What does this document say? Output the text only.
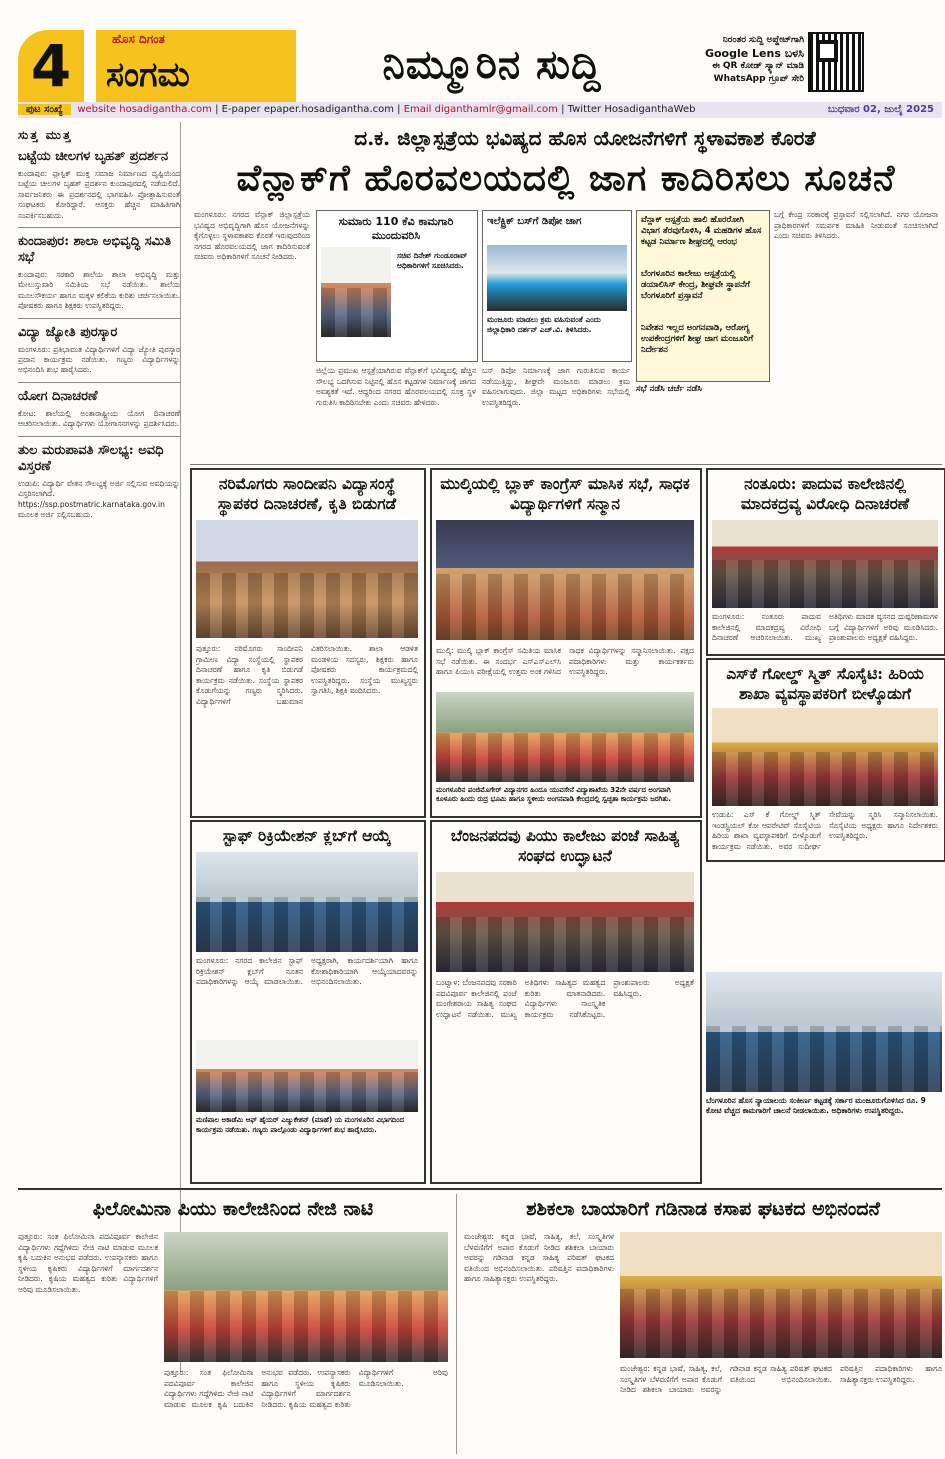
4	ಹೊಸ ದಿಗಂತ
ಸಂಗಮ	ನಿಮ್ಮೂರಿನ ಸುದ್ದಿ
ನಿರಂತರ ಸುದ್ದಿ ಅಪ್ಡೇಟ್‌ಗಾಗಿ
Google Lens ಬಳಸಿ
ಈ QR ಕೋಡ್ ಸ್ಕ್ಯಾನ್ ಮಾಡಿ
WhatsApp ಗ್ರೂಪ್ ಸೇರಿ
ಪುಟ ಸಂಖ್ಯೆ website hosadigantha.com | E-paper epaper.hosadigantha.com | Email diganthamlr@gmail.com | Twitter HosadiganthaWeb	ಬುಧವಾರ 02, ಜುಲೈ 2025
ಸುತ್ತ ಮುತ್ತ
ಬಟ್ಟೆಯ ಚೀಲಗಳ ಬೃಹತ್ ಪ್ರದರ್ಶನ

ಕುಂದಾಪುರ: ಪ್ಲಾಸ್ಟಿಕ್ ಮುಕ್ತ ಸಮಾಜ ನಿರ್ಮಾಣದ ದೃಷ್ಟಿಯಿಂದ ಬಟ್ಟೆಯ ಚೀಲಗಳ ಬೃಹತ್ ಪ್ರದರ್ಶನ ಕುಂದಾಪುರದಲ್ಲಿ ನಡೆಯಲಿದೆ. ಸಾರ್ವಜನಿಕರು ಈ ಪ್ರದರ್ಶನದಲ್ಲಿ ಭಾಗವಹಿಸಿ ಪ್ರೋತ್ಸಾಹಿಸುವಂತೆ ಸಂಘಟಕರು ಕೋರಿದ್ದಾರೆ. ಆಸಕ್ತರು ಹೆಚ್ಚಿನ ಮಾಹಿತಿಗಾಗಿ ಸಂಪರ್ಕಿಸಬಹುದು.

ಕುಂದಾಪುರ: ಶಾಲಾ ಅಭಿವೃದ್ಧಿ ಸಮಿತಿ ಸಭೆ

ಕುಂದಾಪುರ: ಸರಕಾರಿ ಶಾಲೆಯ ಶಾಲಾ ಅಭಿವೃದ್ಧಿ ಮತ್ತು ಮೇಲುಸ್ತುವಾರಿ ಸಮಿತಿಯ ಸಭೆ ನಡೆಯಿತು. ಶಾಲೆಯ ಮೂಲಸೌಕರ್ಯ ಹಾಗೂ ಮಕ್ಕಳ ಕಲಿಕೆಯ ಕುರಿತು ಚರ್ಚಿಸಲಾಯಿತು. ಪೋಷಕರು ಹಾಗೂ ಶಿಕ್ಷಕರು ಉಪಸ್ಥಿತರಿದ್ದರು.

ವಿದ್ಯಾ ಜ್ಯೋತಿ ಪುರಸ್ಕಾರ

ಮಂಗಳೂರು: ಪ್ರತಿಭಾವಂತ ವಿದ್ಯಾರ್ಥಿಗಳಿಗೆ ವಿದ್ಯಾ ಜ್ಯೋತಿ ಪುರಸ್ಕಾರ ಪ್ರದಾನ ಕಾರ್ಯಕ್ರಮ ನಡೆಯಿತು. ಗಣ್ಯರು ವಿದ್ಯಾರ್ಥಿಗಳನ್ನು ಅಭಿನಂದಿಸಿ ಶುಭ ಹಾರೈಸಿದರು.

ಯೋಗ ದಿನಾಚರಣೆ

ಕೋಟ: ಶಾಲೆಯಲ್ಲಿ ಅಂತಾರಾಷ್ಟ್ರೀಯ ಯೋಗ ದಿನಾಚರಣೆ ಆಚರಿಸಲಾಯಿತು. ವಿದ್ಯಾರ್ಥಿಗಳು ಯೋಗಾಸನಗಳನ್ನು ಪ್ರದರ್ಶಿಸಿದರು.

ತುಲ ಮರುಪಾವತಿ ಸೌಲಭ್ಯ: ಅವಧಿ ವಿಸ್ತರಣೆ

ಉಡುಪಿ: ವಿದ್ಯಾರ್ಥಿ ವೇತನ ಸೌಲಭ್ಯಕ್ಕೆ ಅರ್ಜಿ ಸಲ್ಲಿಸುವ ಅವಧಿಯನ್ನು ವಿಸ್ತರಿಸಲಾಗಿದೆ. https://ssp.postmatric.karnataka.gov.in ಮೂಲಕ ಅರ್ಜಿ ಸಲ್ಲಿಸಬಹುದು.

ದ.ಕ. ಜಿಲ್ಲಾಸ್ಪತ್ರೆಯ ಭವಿಷ್ಯದ ಹೊಸ ಯೋಜನೆಗಳಿಗೆ ಸ್ಥಳಾವಕಾಶ ಕೊರತೆ
ವೆನ್ಲಾಕ್‌ಗೆ ಹೊರವಲಯದಲ್ಲಿ ಜಾಗ ಕಾದಿರಿಸಲು ಸೂಚನೆ
ಮಂಗಳೂರು: ನಗರದ ವೆನ್ಲಾಕ್ ಜಿಲ್ಲಾಸ್ಪತ್ರೆಯ ಭವಿಷ್ಯದ ಅಭಿವೃದ್ಧಿಗಾಗಿ ಹೊಸ ಯೋಜನೆಗಳನ್ನು ಕೈಗೊಳ್ಳಲು ಸ್ಥಳಾವಕಾಶದ ಕೊರತೆ ಇರುವುದರಿಂದ ನಗರದ ಹೊರವಲಯದಲ್ಲಿ ಜಾಗ ಕಾದಿರಿಸುವಂತೆ ಸಚಿವರು ಅಧಿಕಾರಿಗಳಿಗೆ ಸೂಚನೆ ನೀಡಿದರು.
ಸುಮಾರು 110 ಕೆವಿ ಕಾಮಗಾರಿ ಮುಂದುವರಿಸಿ
ಸಚಿವ ದಿನೇಶ್ ಗುಂಡೂರಾವ್ ಅಧಿಕಾರಿಗಳಿಗೆ ಸೂಚಿಸಿದರು.
ಜಿಲ್ಲೆಯ ಪ್ರಮುಖ ಆಸ್ಪತ್ರೆಯಾಗಿರುವ ವೆನ್ಲಾಕ್‌ಗೆ ಭವಿಷ್ಯದಲ್ಲಿ ಹೆಚ್ಚಿನ ಸೌಲಭ್ಯ ಒದಗಿಸುವ ನಿಟ್ಟಿನಲ್ಲಿ ಹೊಸ ಕಟ್ಟಡಗಳ ನಿರ್ಮಾಣಕ್ಕೆ ಜಾಗದ ಅವಶ್ಯಕತೆ ಇದೆ. ಆದ್ದರಿಂದ ನಗರದ ಹೊರವಲಯದಲ್ಲಿ ಸೂಕ್ತ ಸ್ಥಳ ಗುರುತಿಸಿ ಕಾದಿರಿಸಬೇಕು ಎಂದು ಸಚಿವರು ಹೇಳಿದರು.
ಇಲೆಕ್ಟ್ರಿಕ್ ಬಸ್‌ಗೆ ಡಿಪೋ ಜಾಗ
ಮಂಜೂರು ಮಾಡಲು ಕ್ರಮ ವಹಿಸುವಂತೆ ಎಂದು ಜಿಲ್ಲಾಧಿಕಾರಿ ದರ್ಶನ್ ಎಚ್.ವಿ. ತಿಳಿಸಿದರು.
ಬಸ್ ಡಿಪೋ ನಿರ್ಮಾಣಕ್ಕೆ ಜಾಗ ಗುರುತಿಸುವ ಕಾರ್ಯ ನಡೆಯುತ್ತಿದ್ದು, ಶೀಘ್ರವೇ ಮಂಜೂರು ಮಾಡಲು ಕ್ರಮ ವಹಿಸಲಾಗುವುದು. ಜಿಲ್ಲಾ ಮಟ್ಟದ ಅಧಿಕಾರಿಗಳು ಸಭೆಯಲ್ಲಿ ಉಪಸ್ಥಿತರಿದ್ದರು.
ವೆನ್ಲಾಕ್ ಆಸ್ಪತ್ರೆಯ ಹಾಲಿ ಹೊರರೋಗಿ ವಿಭಾಗ ತೆರವುಗೊಳಿಸಿ, 4 ಮಹಡಿಗಳ ಹೊಸ ಕಟ್ಟಡ ನಿರ್ಮಾಣ ಶೀಘ್ರದಲ್ಲಿ ಆರಂಭ
ಬೆಂಗಳೂರಿನ ಕಾಲೇಜು ಆಸ್ಪತ್ರೆಯಲ್ಲಿ ಡಯಾಲಿಸಿಸ್ ಕೇಂದ್ರ, ಶೀಘ್ರವೇ ಸ್ಥಾಪನೆಗೆ ಬೆಂಗಳೂರಿಗೆ ಪ್ರಸ್ತಾವನೆ
ನಿವೇಶನ ಇಲ್ಲದ ಅಂಗನವಾಡಿ, ಆರೋಗ್ಯ ಉಪಕೇಂದ್ರಗಳಿಗೆ ಶೀಘ್ರ ಜಾಗ ಮಂಜೂರಿಗೆ ನಿರ್ದೇಶನ
ಸಭೆ ನಡೆಸಿ ಚರ್ಚೆ ನಡೆಸಿ
ಬಗ್ಗೆ ಕೇಂದ್ರ ಸರಕಾರಕ್ಕೆ ಪ್ರಸ್ತಾವನೆ ಸಲ್ಲಿಸಲಾಗಿದೆ. ನಗರ ಯೋಜನಾ ಪ್ರಾಧಿಕಾರಗಳಿಗೆ ಸಮರ್ಪಕ ಮಾಹಿತಿ ನೀಡುವಂತೆ ಸೂಚಿಸಲಾಗಿದೆ ಎಂದು ಸಚಿವರು ತಿಳಿಸಿದರು.
ನರಿಮೊಗರು ಸಾಂದೀಪನಿ ವಿದ್ಯಾಸಂಸ್ಥೆ ಸ್ಥಾಪಕರ ದಿನಾಚರಣೆ, ಕೃತಿ ಬಿಡುಗಡೆ
ಪುತ್ತೂರು: ನರಿಮೊಗರು ಸಾಂದೀಪನಿ ಗ್ರಾಮೀಣ ವಿದ್ಯಾ ಸಂಸ್ಥೆಯಲ್ಲಿ ಸ್ಥಾಪಕರ ದಿನಾಚರಣೆ ಹಾಗೂ ಕೃತಿ ಬಿಡುಗಡೆ ಕಾರ್ಯಕ್ರಮ ನಡೆಯಿತು. ಸಂಸ್ಥೆಯ ಸ್ಥಾಪಕರ ಕೊಡುಗೆಯನ್ನು ಗಣ್ಯರು ಸ್ಮರಿಸಿದರು. ವಿದ್ಯಾರ್ಥಿಗಳಿಗೆ ಬಹುಮಾನ ವಿತರಿಸಲಾಯಿತು. ಶಾಲಾ ಆಡಳಿತ ಮಂಡಳಿಯ ಸದಸ್ಯರು, ಶಿಕ್ಷಕರು ಹಾಗೂ ಪೋಷಕರು ಕಾರ್ಯಕ್ರಮದಲ್ಲಿ ಉಪಸ್ಥಿತರಿದ್ದರು. ಸಂಸ್ಥೆಯ ಮುಖ್ಯಸ್ಥರು ಸ್ವಾಗತಿಸಿ, ಶಿಕ್ಷಕಿ ವಂದಿಸಿದರು.
ಮುಲ್ಕಿಯಲ್ಲಿ ಬ್ಲಾಕ್ ಕಾಂಗ್ರೆಸ್ ಮಾಸಿಕ ಸಭೆ, ಸಾಧಕ ವಿದ್ಯಾರ್ಥಿಗಳಿಗೆ ಸನ್ಮಾನ
ಮುಲ್ಕಿ: ಮುಲ್ಕಿ ಬ್ಲಾಕ್ ಕಾಂಗ್ರೆಸ್ ಸಮಿತಿಯ ಮಾಸಿಕ ಸಭೆ ನಡೆಯಿತು. ಈ ಸಂದರ್ಭ ಎಸ್ಎಸ್ಎಲ್‌ಸಿ ಹಾಗೂ ಪಿಯುಸಿ ಪರೀಕ್ಷೆಯಲ್ಲಿ ಉತ್ತಮ ಅಂಕ ಗಳಿಸಿದ ಸಾಧಕ ವಿದ್ಯಾರ್ಥಿಗಳನ್ನು ಸನ್ಮಾನಿಸಲಾಯಿತು. ಪಕ್ಷದ ಪದಾಧಿಕಾರಿಗಳು ಮತ್ತು ಕಾರ್ಯಕರ್ತರು ಉಪಸ್ಥಿತರಿದ್ದರು.
ಮಂಗಳೂರಿನ ಪಂಜಿಮೊಗೇರ್ ವಿದ್ಯಾನಗರ ಹಿಂದೂ ಯುವಸೇನೆ ವಿದ್ಯಾಶಾಖೆಯ 32ನೇ ವರ್ಷದ ಅಂಗವಾಗಿ ಕೂಳೂರು ಹಿಂದು ರುದ್ರ ಭೂಮಿ ಹಾಗೂ ಸ್ಥಳೀಯ ಅಂಗನವಾಡಿ ಕೇಂದ್ರದಲ್ಲಿ ಸ್ವಚ್ಛತಾ ಕಾರ್ಯಕ್ರಮ ಜರಗಿತು.
ನಂತೂರು: ಪಾದುವ ಕಾಲೇಜಿನಲ್ಲಿ ಮಾದಕದ್ರವ್ಯ ವಿರೋಧಿ ದಿನಾಚರಣೆ
ಮಂಗಳೂರು: ನಂತೂರು ಪಾದುವ ಕಾಲೇಜಿನಲ್ಲಿ ಮಾದಕದ್ರವ್ಯ ವಿರೋಧಿ ದಿನಾಚರಣೆ ಆಚರಿಸಲಾಯಿತು. ಮುಖ್ಯ ಅತಿಥಿಗಳು ಮಾದಕ ವ್ಯಸನದ ದುಷ್ಪರಿಣಾಮಗಳ ಬಗ್ಗೆ ವಿದ್ಯಾರ್ಥಿಗಳಿಗೆ ಅರಿವು ಮೂಡಿಸಿದರು. ಪ್ರಾಂಶುಪಾಲರು ಅಧ್ಯಕ್ಷತೆ ವಹಿಸಿದ್ದರು.
ಎಸ್‌ಕೆ ಗೋಲ್ಡ್ ಸ್ಮಿತ್ ಸೊಸೈಟಿ: ಹಿರಿಯ ಶಾಖಾ ವ್ಯವಸ್ಥಾಪಕರಿಗೆ ಬೀಳ್ಕೊಡುಗೆ
ಉಡುಪಿ: ಎಸ್ ಕೆ ಗೋಲ್ಡ್ ಸ್ಮಿತ್ ಇಂಡಸ್ಟ್ರಿಯಲ್ ಕೋ ಆಪರೇಟಿವ್ ಸೊಸೈಟಿಯ ಹಿರಿಯ ಶಾಖಾ ವ್ಯವಸ್ಥಾಪಕರಿಗೆ ಬೀಳ್ಕೊಡುಗೆ ಕಾರ್ಯಕ್ರಮ ನಡೆಯಿತು. ಅವರ ಸುದೀರ್ಘ ಸೇವೆಯನ್ನು ಸ್ಮರಿಸಿ ಸನ್ಮಾನಿಸಲಾಯಿತು. ಸೊಸೈಟಿಯ ಅಧ್ಯಕ್ಷರು ಹಾಗೂ ನಿರ್ದೇಶಕರು ಉಪಸ್ಥಿತರಿದ್ದರು.
ಸ್ಟಾಫ್ ರಿಕ್ರಿಯೇಶನ್ ಕ್ಲಬ್‌ಗೆ ಆಯ್ಕೆ
ಮಂಗಳೂರು: ನಗರದ ಕಾಲೇಜಿನ ಸ್ಟಾಫ್ ರಿಕ್ರಿಯೇಶನ್ ಕ್ಲಬ್‌ಗೆ ನೂತನ ಪದಾಧಿಕಾರಿಗಳನ್ನು ಆಯ್ಕೆ ಮಾಡಲಾಯಿತು. ಅಧ್ಯಕ್ಷರಾಗಿ, ಕಾರ್ಯದರ್ಶಿಯಾಗಿ ಹಾಗೂ ಕೋಶಾಧಿಕಾರಿಯಾಗಿ ಆಯ್ಕೆಯಾದವರನ್ನು ಅಭಿನಂದಿಸಲಾಯಿತು.
ಮಣಿಪಾಲ ಅಕಾಡೆಮಿ ಆಫ್ ಹೈಯರ್ ಎಜ್ಯುಕೇಶನ್ (ಮಾಹೆ) ಯ ಮಂಗಳೂರಿನ ವಿಭಾಗದಿಂದ ಕಾರ್ಯಕ್ರಮ ನಡೆಯಿತು. ಗಣ್ಯರು ಪಾಲ್ಗೊಂಡು ವಿದ್ಯಾರ್ಥಿಗಳಿಗೆ ಶುಭ ಹಾರೈಸಿದರು.
ಬೆಂಜನಪದವು ಪಿಯು ಕಾಲೇಜು ಪಂಜೆ ಸಾಹಿತ್ಯ ಸಂಘದ ಉದ್ಘಾಟನೆ
ಬಂಟ್ವಾಳ: ಬೆಂಜನಪದವು ಸರಕಾರಿ ಪದವಿಪೂರ್ವ ಕಾಲೇಜಿನಲ್ಲಿ ಪಂಜೆ ಮಂಗೇಶರಾಯ ಸಾಹಿತ್ಯ ಸಂಘದ ಉದ್ಘಾಟನೆ ನಡೆಯಿತು. ಮುಖ್ಯ ಅತಿಥಿಗಳು ಸಾಹಿತ್ಯದ ಮಹತ್ವದ ಕುರಿತು ಮಾತನಾಡಿದರು. ವಿದ್ಯಾರ್ಥಿಗಳು ಸಾಂಸ್ಕೃತಿಕ ಕಾರ್ಯಕ್ರಮ ನಡೆಸಿಕೊಟ್ಟರು. ಪ್ರಾಂಶುಪಾಲರು ಅಧ್ಯಕ್ಷತೆ ವಹಿಸಿದ್ದರು.
ಬೆಂಗಳೂರಿನ ಹೊಸ ನ್ಯಾಯಾಲಯ ಸಂಕೀರ್ಣ ಕಟ್ಟಡಕ್ಕೆ ಸರ್ಕಾರ ಮಂಜೂರುಗೊಳಿಸಿದ ರೂ. 9 ಕೋಟಿ ವೆಚ್ಚದ ಕಾಮಗಾರಿಗೆ ಚಾಲನೆ ನೀಡಲಾಯಿತು. ಅಧಿಕಾರಿಗಳು ಉಪಸ್ಥಿತರಿದ್ದರು.
ಫಿಲೋಮಿನಾ ಪಿಯು ಕಾಲೇಜಿನಿಂದ ನೇಜಿ ನಾಟಿ
ಪುತ್ತೂರು: ಸಂತ ಫಿಲೋಮಿನಾ ಪದವಿಪೂರ್ವ ಕಾಲೇಜಿನ ವಿದ್ಯಾರ್ಥಿಗಳು ಗದ್ದೆಗಿಳಿದು ನೇಜಿ ನಾಟಿ ಮಾಡುವ ಮೂಲಕ ಕೃಷಿ ಬದುಕಿನ ಅನುಭವ ಪಡೆದರು. ಉಪನ್ಯಾಸಕರು ಹಾಗೂ ಸ್ಥಳೀಯ ಕೃಷಿಕರು ವಿದ್ಯಾರ್ಥಿಗಳಿಗೆ ಮಾರ್ಗದರ್ಶನ ನೀಡಿದರು. ಕೃಷಿಯ ಮಹತ್ವದ ಕುರಿತು ವಿದ್ಯಾರ್ಥಿಗಳಿಗೆ ಅರಿವು ಮೂಡಿಸಲಾಯಿತು.
ಪುತ್ತೂರು: ಸಂತ ಫಿಲೋಮಿನಾ ಪದವಿಪೂರ್ವ ಕಾಲೇಜಿನ ವಿದ್ಯಾರ್ಥಿಗಳು ಗದ್ದೆಗಿಳಿದು ನೇಜಿ ನಾಟಿ ಮಾಡುವ ಮೂಲಕ ಕೃಷಿ ಬದುಕಿನ ಅನುಭವ ಪಡೆದರು. ಉಪನ್ಯಾಸಕರು ಹಾಗೂ ಸ್ಥಳೀಯ ಕೃಷಿಕರು ವಿದ್ಯಾರ್ಥಿಗಳಿಗೆ ಮಾರ್ಗದರ್ಶನ ನೀಡಿದರು. ಕೃಷಿಯ ಮಹತ್ವದ ಕುರಿತು ವಿದ್ಯಾರ್ಥಿಗಳಿಗೆ ಅರಿವು ಮೂಡಿಸಲಾಯಿತು.
ಶಶಿಕಲಾ ಬಾಯಾರಿಗೆ ಗಡಿನಾಡ ಕಸಾಪ ಘಟಕದ ಅಭಿನಂದನೆ
ಮಂಜೇಶ್ವರ: ಕನ್ನಡ ಭಾಷೆ, ಸಾಹಿತ್ಯ, ಕಲೆ, ಸಂಸ್ಕೃತಿಗಳ ಬೆಳವಣಿಗೆಗೆ ಅಪಾರ ಕೊಡುಗೆ ನೀಡಿದ ಶಶಿಕಲಾ ಬಾಯಾರು ಅವರನ್ನು ಗಡಿನಾಡ ಕನ್ನಡ ಸಾಹಿತ್ಯ ಪರಿಷತ್ ಘಟಕದ ವತಿಯಿಂದ ಅಭಿನಂದಿಸಲಾಯಿತು. ಪರಿಷತ್ತಿನ ಪದಾಧಿಕಾರಿಗಳು ಹಾಗೂ ಸಾಹಿತ್ಯಾಸಕ್ತರು ಉಪಸ್ಥಿತರಿದ್ದರು.
ಮಂಜೇಶ್ವರ: ಕನ್ನಡ ಭಾಷೆ, ಸಾಹಿತ್ಯ, ಕಲೆ, ಸಂಸ್ಕೃತಿಗಳ ಬೆಳವಣಿಗೆಗೆ ಅಪಾರ ಕೊಡುಗೆ ನೀಡಿದ ಶಶಿಕಲಾ ಬಾಯಾರು ಅವರನ್ನು ಗಡಿನಾಡ ಕನ್ನಡ ಸಾಹಿತ್ಯ ಪರಿಷತ್ ಘಟಕದ ವತಿಯಿಂದ ಅಭಿನಂದಿಸಲಾಯಿತು. ಪರಿಷತ್ತಿನ ಪದಾಧಿಕಾರಿಗಳು ಹಾಗೂ ಸಾಹಿತ್ಯಾಸಕ್ತರು ಉಪಸ್ಥಿತರಿದ್ದರು.
